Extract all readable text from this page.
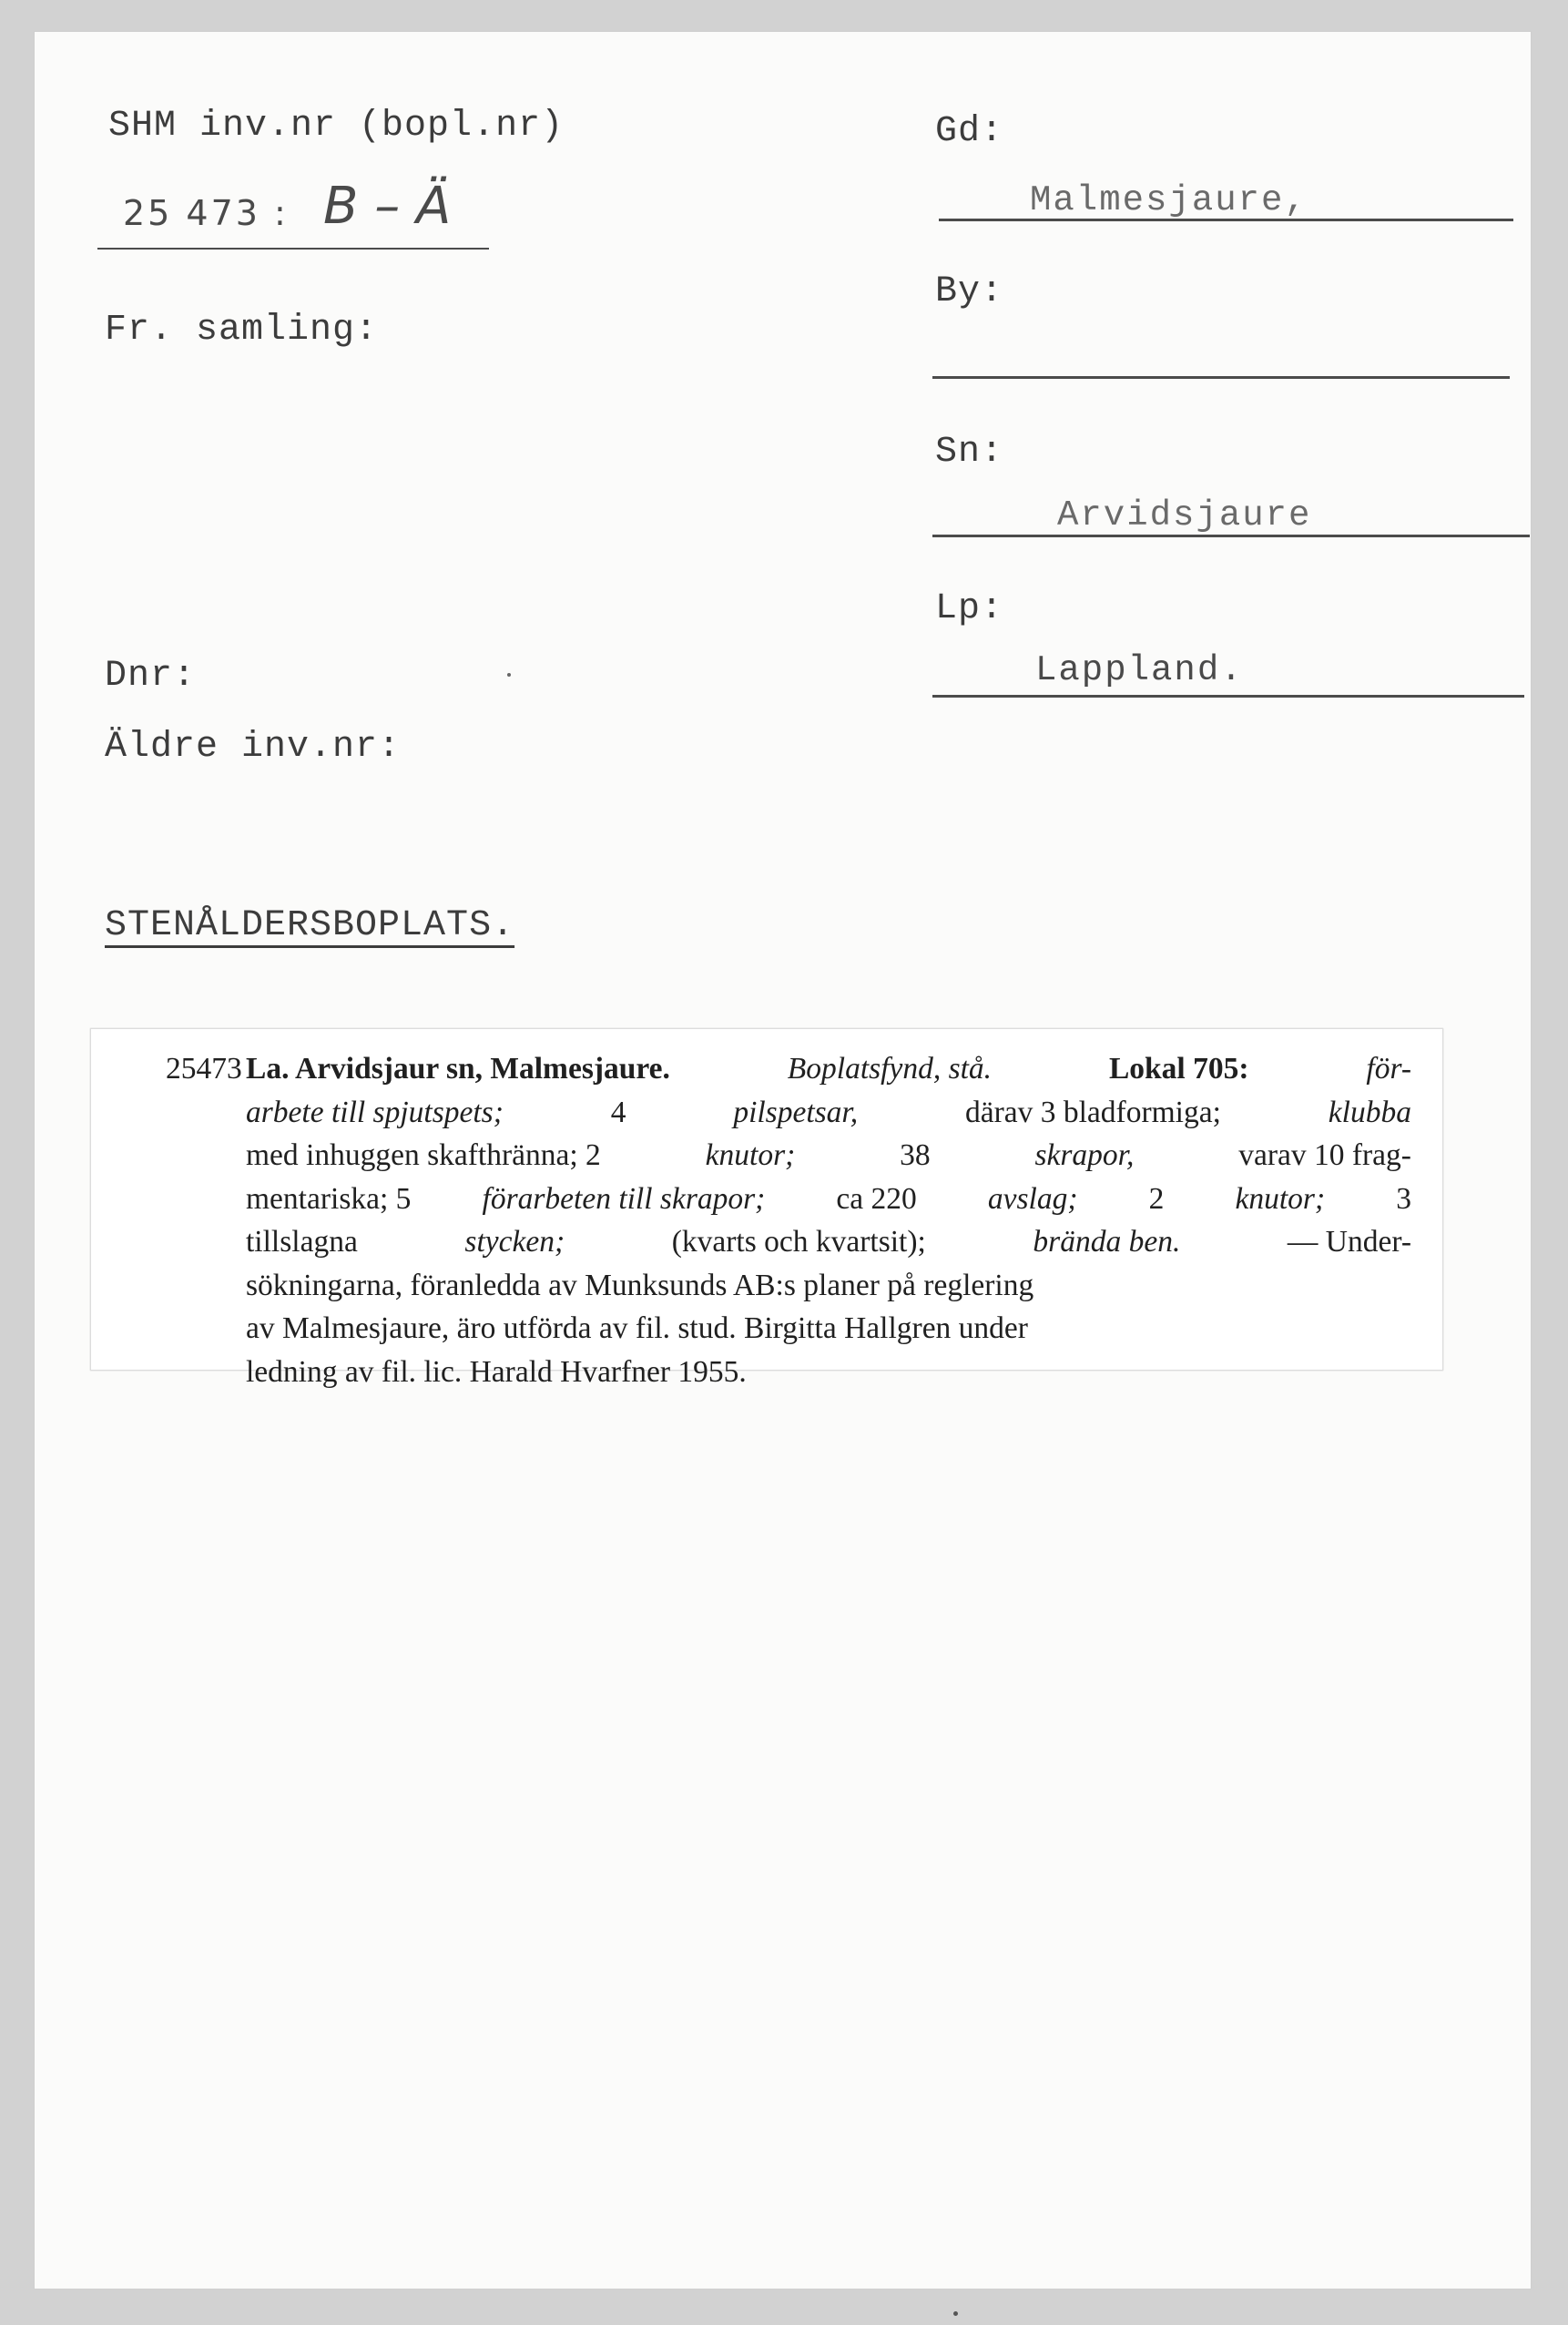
SHM inv.nr (bopl.nr)
25 473 : B – Ä
Fr. samling:
Dnr:
Äldre inv.nr:
Gd:
Malmesjaure,
By:
Sn:
Arvidsjaure
Lp:
Lappland.
STENÅLDERSBOPLATS.
25473 La. Arvidsjaur sn, Malmesjaure.	Boplatsfynd, stå.	Lokal 705:	för-
arbete till spjutspets;	4	pilspetsar,	därav 3 bladformiga;	klubba
med inhuggen skafthränna; 2	knutor;	38	skrapor,	varav 10 frag-
mentariska; 5 förarbeten till skrapor; ca 220 avslag; 2 knutor; 3
tillslagna	stycken;	(kvarts och kvartsit);	brända ben.	— Under-
sökningarna, föranledda av Munksunds AB:s planer på reglering
av Malmesjaure, äro utförda av fil. stud. Birgitta Hallgren under
ledning av fil. lic. Harald Hvarfner 1955.
